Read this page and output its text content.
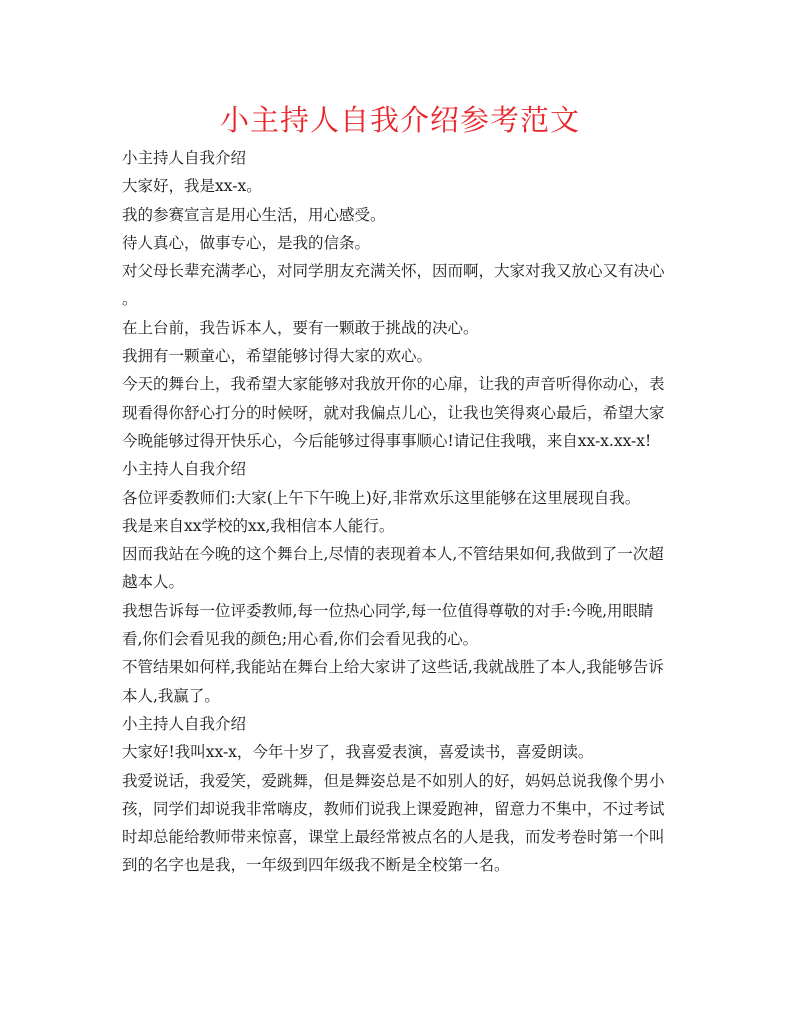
小主持人自我介绍参考范文

小主持人自我介绍

大家好，我是xx-x。

我的参赛宣言是用心生活，用心感受。

待人真心，做事专心，是我的信条。

对父母长辈充满孝心，对同学朋友充满关怀，因而啊，大家对我又放心又有决心
。

在上台前，我告诉本人，要有一颗敢于挑战的决心。

我拥有一颗童心，希望能够讨得大家的欢心。

今天的舞台上，我希望大家能够对我放开你的心扉，让我的声音听得你动心，表
现看得你舒心打分的时候呀，就对我偏点儿心，让我也笑得爽心最后，希望大家
今晚能够过得开快乐心，今后能够过得事事顺心!请记住我哦，来自xx-x.xx-x!

小主持人自我介绍

各位评委教师们:大家(上午下午晚上)好,非常欢乐这里能够在这里展现自我。

我是来自xx学校的xx,我相信本人能行。

因而我站在今晚的这个舞台上,尽情的表现着本人,不管结果如何,我做到了一次超
越本人。

我想告诉每一位评委教师,每一位热心同学,每一位值得尊敬的对手:今晚,用眼睛
看,你们会看见我的颜色;用心看,你们会看见我的心。

不管结果如何样,我能站在舞台上给大家讲了这些话,我就战胜了本人,我能够告诉
本人,我赢了。

小主持人自我介绍

大家好!我叫xx-x，今年十岁了，我喜爱表演，喜爱读书，喜爱朗读。

我爱说话，我爱笑，爱跳舞，但是舞姿总是不如别人的好，妈妈总说我像个男小
孩，同学们却说我非常嗨皮，教师们说我上课爱跑神，留意力不集中，不过考试
时却总能给教师带来惊喜，课堂上最经常被点名的人是我，而发考卷时第一个叫
到的名字也是我，一年级到四年级我不断是全校第一名。
